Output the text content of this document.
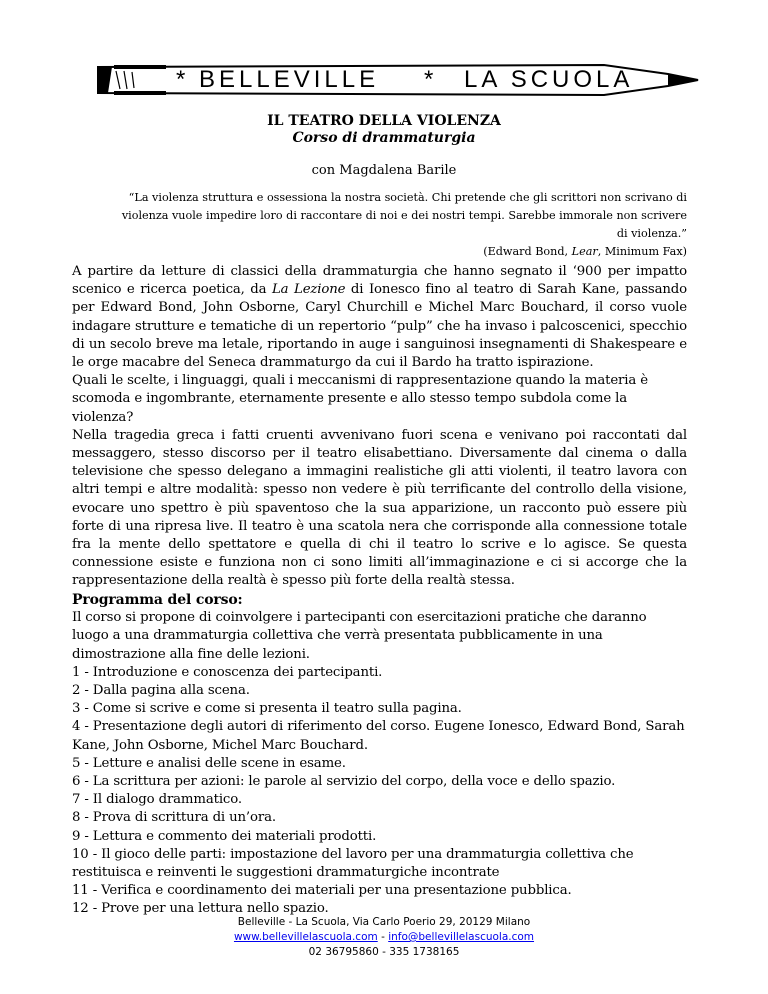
* BELLEVILLE * LA SCUOLA
IL TEATRO DELLA VIOLENZA
Corso di drammaturgia
con Magdalena Barile

“La violenza struttura e ossessiona la nostra società. Chi pretende che gli scrittori non scrivano di violenza vuole impedire loro di raccontare di noi e dei nostri tempi. Sarebbe immorale non scrivere di violenza.”

(Edward Bond, Lear, Minimum Fax)

A partire da letture di classici della drammaturgia che hanno segnato il ‘900 per impatto scenico e ricerca poetica, da La Lezione di Ionesco fino al teatro di Sarah Kane, passando per Edward Bond, John Osborne, Caryl Churchill e Michel Marc Bouchard, il corso vuole indagare strutture e tematiche di un repertorio “pulp” che ha invaso i palcoscenici, specchio di un secolo breve ma letale, riportando in auge i sanguinosi insegnamenti di Shakespeare e le orge macabre del Seneca drammaturgo da cui il Bardo ha tratto ispirazione.

Quali le scelte, i linguaggi, quali i meccanismi di rappresentazione quando la materia è scomoda e ingombrante, eternamente presente e allo stesso tempo subdola come la violenza?

Nella tragedia greca i fatti cruenti avvenivano fuori scena e venivano poi raccontati dal messaggero, stesso discorso per il teatro elisabettiano. Diversamente dal cinema o dalla televisione che spesso delegano a immagini realistiche gli atti violenti, il teatro lavora con altri tempi e altre modalità: spesso non vedere è più terrificante del controllo della visione, evocare uno spettro è più spaventoso che la sua apparizione, un racconto può essere più forte di una ripresa live. Il teatro è una scatola nera che corrisponde alla connessione totale fra la mente dello spettatore e quella di chi il teatro lo scrive e lo agisce. Se questa connessione esiste e funziona non ci sono limiti all’immaginazione e ci si accorge che la rappresentazione della realtà è spesso più forte della realtà stessa.

Programma del corso:

Il corso si propone di coinvolgere i partecipanti con esercitazioni pratiche che daranno luogo a una drammaturgia collettiva che verrà presentata pubblicamente in una dimostrazione alla fine delle lezioni.

1 - Introduzione e conoscenza dei partecipanti.

2 - Dalla pagina alla scena.

3 - Come si scrive e come si presenta il teatro sulla pagina.

4 - Presentazione degli autori di riferimento del corso. Eugene Ionesco, Edward Bond, Sarah Kane, John Osborne, Michel Marc Bouchard.

5 - Letture e analisi delle scene in esame.

6 - La scrittura per azioni: le parole al servizio del corpo, della voce e dello spazio.

7 - Il dialogo drammatico.

8 - Prova di scrittura di un’ora.

9 - Lettura e commento dei materiali prodotti.

10 - Il gioco delle parti: impostazione del lavoro per una drammaturgia collettiva che restituisca e reinventi le suggestioni drammaturgiche incontrate

11 - Verifica e coordinamento dei materiali per una presentazione pubblica.

12 - Prove per una lettura nello spazio.

Belleville - La Scuola, Via Carlo Poerio 29, 20129 Milano
www.bellevillelascuola.com - info@bellevillelascuola.com
02 36795860 - 335 1738165
